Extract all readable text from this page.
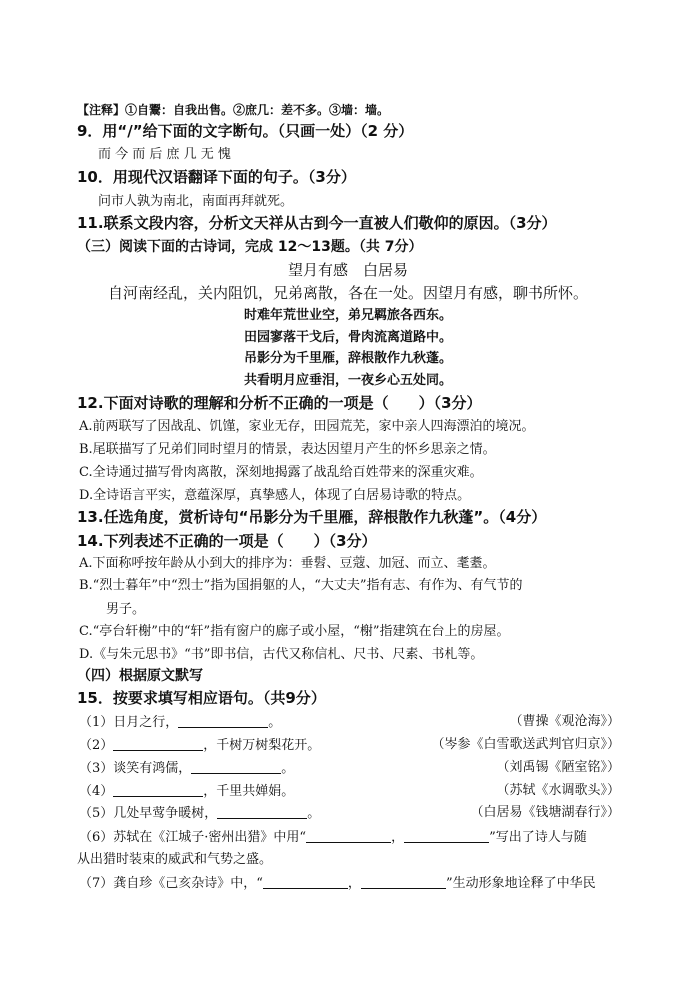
【注释】①自鬻：自我出售。②庶几：差不多。③墙：墙。
9．用“/”给下面的文字断句。（只画一处）（2 分）
而 今 而 后 庶 几 无 愧
10．用现代汉语翻译下面的句子。（3分）
问市人孰为南北，南面再拜就死。
11.联系文段内容，分析文天祥从古到今一直被人们敬仰的原因。（3分）
（三）阅读下面的古诗词，完成 12～13题。（共 7分）
望月有感　 白居易
自河南经乱，关内阻饥，兄弟离散，各在一处。因望月有感，聊书所怀。
时难年荒世业空，弟兄羁旅各西东。
田园寥落干戈后，骨肉流离道路中。
吊影分为千里雁，辞根散作九秋蓬。
共看明月应垂泪，一夜乡心五处同。
12.下面对诗歌的理解和分析不正确的一项是（　　）（3分）
A.前两联写了因战乱、饥馑，家业无存，田园荒芜，家中亲人四海漂泊的境况。
B.尾联描写了兄弟们同时望月的情景，表达因望月产生的怀乡思亲之情。
C.全诗通过描写骨肉离散，深刻地揭露了战乱给百姓带来的深重灾难。
D.全诗语言平实，意蕴深厚，真挚感人，体现了白居易诗歌的特点。
13.任选角度，赏析诗句“吊影分为千里雁，辞根散作九秋蓬”。（4分）
14.下列表述不正确的一项是（　　）（3分）
A.下面称呼按年龄从小到大的排序为：垂髫、豆蔻、加冠、而立、耄耋。
B.“烈士暮年”中“烈士”指为国捐躯的人，“大丈夫”指有志、有作为、有气节的
男子。
C.“亭台轩榭”中的“轩”指有窗户的廊子或小屋，“榭”指建筑在台上的房屋。
D.《与朱元思书》“书”即书信，古代又称信札、尺书、尺素、书札等。
（四）根据原文默写
15．按要求填写相应语句。（共9分）
（1）日月之行，	。	（曹操《观沧海》）
（2）	，千树万树梨花开。	（岑参《白雪歌送武判官归京》）
（3）谈笑有鸿儒，	。	（刘禹锡《陋室铭》）
（4）	，千里共婵娟。	（苏轼《水调歌头》）
（5）几处早莺争暖树，	。	（白居易《钱塘湖春行》）
（6）苏轼在《江城子·密州出猎》中用“	，	”写出了诗人与随
从出猎时装束的威武和气势之盛。
（7）龚自珍《己亥杂诗》中，“	，	”生动形象地诠释了中华民
